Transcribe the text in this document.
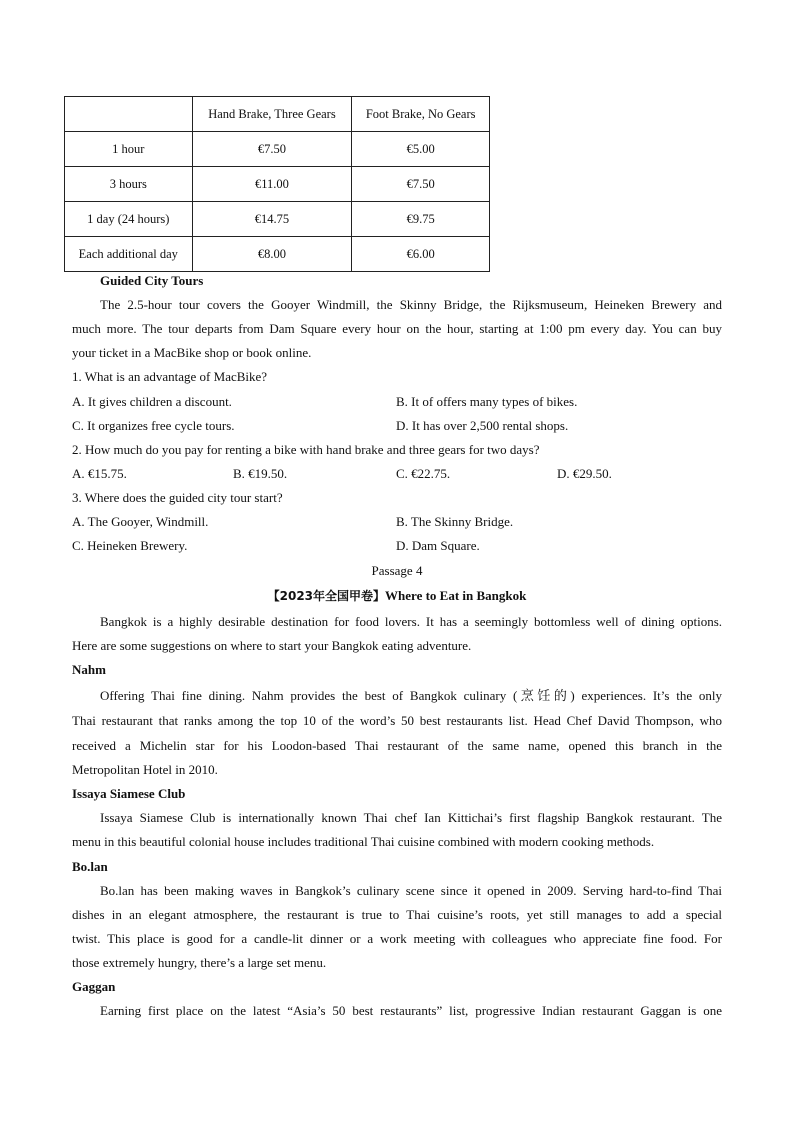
	Hand Brake, Three Gears	Foot Brake, No Gears
1 hour	€7.50	€5.00
3 hours	€11.00	€7.50
1 day (24 hours)	€14.75	€9.75
Each additional day	€8.00	€6.00
Guided City Tours
The 2.5-hour tour covers the Gooyer Windmill, the Skinny Bridge, the Rijksmuseum, Heineken Brewery and
much more. The tour departs from Dam Square every hour on the hour, starting at 1:00 pm every day. You can buy
your ticket in a MacBike shop or book online.
1. What is an advantage of MacBike?
A. It gives children a discount.	B. It of offers many types of bikes.
C. It organizes free cycle tours.	D. It has over 2,500 rental shops.
2. How much do you pay for renting a bike with hand brake and three gears for two days?
A. €15.75.	B. €19.50.	C. €22.75.	D. €29.50.
3. Where does the guided city tour start?
A. The Gooyer, Windmill.	B. The Skinny Bridge.
C. Heineken Brewery.	D. Dam Square.
Passage 4
【2023年全国甲卷】Where to Eat in Bangkok
Bangkok is a highly desirable destination for food lovers. It has a seemingly bottomless well of dining options.
Here are some suggestions on where to start your Bangkok eating adventure.
Nahm
Offering Thai fine dining. Nahm provides the best of Bangkok culinary (烹饪的) experiences. It’s the only
Thai restaurant that ranks among the top 10 of the word’s 50 best restaurants list. Head Chef David Thompson, who
received a Michelin star for his Loodon-based Thai restaurant of the same name, opened this branch in the
Metropolitan Hotel in 2010.
Issaya Siamese Club
Issaya Siamese Club is internationally known Thai chef Ian Kittichai’s first flagship Bangkok restaurant. The
menu in this beautiful colonial house includes traditional Thai cuisine combined with modern cooking methods.
Bo.lan
Bo.lan has been making waves in Bangkok’s culinary scene since it opened in 2009. Serving hard-to-find Thai
dishes in an elegant atmosphere, the restaurant is true to Thai cuisine’s roots, yet still manages to add a special
twist. This place is good for a candle-lit dinner or a work meeting with colleagues who appreciate fine food. For
those extremely hungry, there’s a large set menu.
Gaggan
Earning first place on the latest “Asia’s 50 best restaurants” list, progressive Indian restaurant Gaggan is one
